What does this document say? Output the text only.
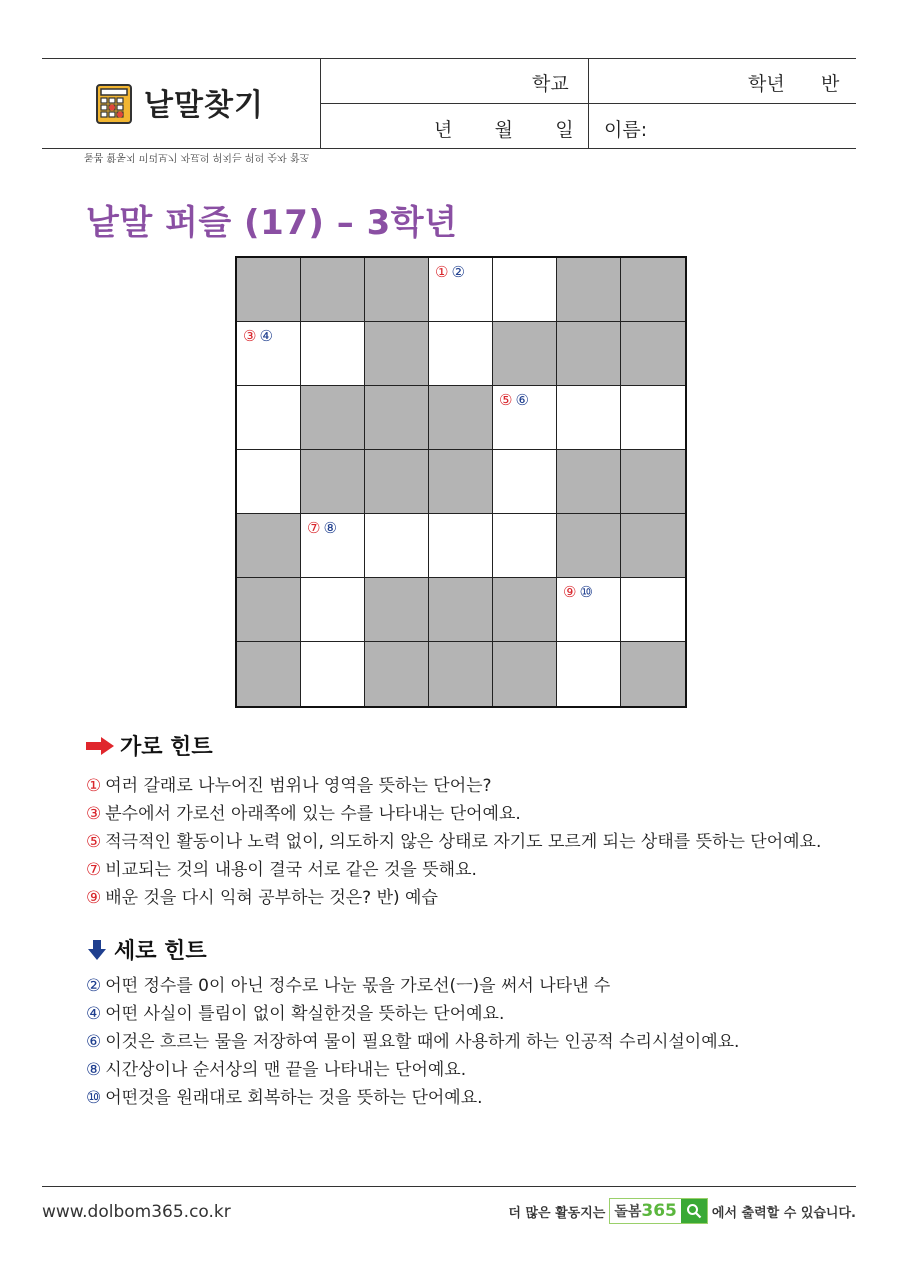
낱말찾기
학교	학년      반
년       월       일 이름:
돌봄 활동지 미리보기 자료의 위치는 위의 숫자 참조
낱말 퍼즐 (17) – 3학년
① ②
③ ④
⑤ ⑥
⑦ ⑧
⑨ ⑩
가로 힌트
① 여러 갈래로 나누어진 범위나 영역을 뜻하는 단어는?
③ 분수에서 가로선 아래쪽에 있는 수를 나타내는 단어예요.
⑤ 적극적인 활동이나 노력 없이, 의도하지 않은 상태로 자기도 모르게 되는 상태를 뜻하는 단어예요.
⑦ 비교되는 것의 내용이 결국 서로 같은 것을 뜻해요.
⑨ 배운 것을 다시 익혀 공부하는 것은? 반) 예습
세로 힌트
② 어떤 정수를 0이 아닌 정수로 나눈 몫을 가로선(ㅡ)을 써서 나타낸 수
④ 어떤 사실이 틀림이 없이 확실한것을 뜻하는 단어예요.
⑥ 이것은 흐르는 물을 저장하여 물이 필요할 때에 사용하게 하는 인공적 수리시설이예요.
⑧ 시간상이나 순서상의 맨 끝을 나타내는 단어예요.
⑩ 어떤것을 원래대로 회복하는 것을 뜻하는 단어예요.
www.dolbom365.co.kr	더 많은 활동지는 돌봄365	에서 출력할 수 있습니다.
